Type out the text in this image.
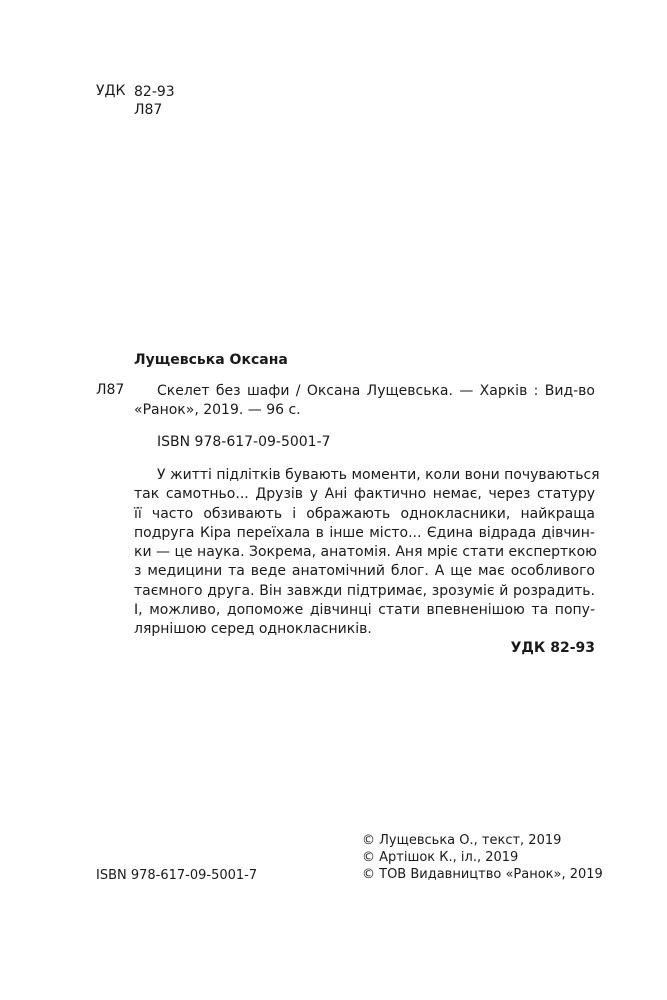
УДК 82-93
Л87
Лущевська Оксана
Л87 Скелет без шафи / Оксана Лущевська. — Харків : Вид-во
«Ранок», 2019. — 96 с.
ISBN 978-617-09-5001-7
У житті підлітків бувають моменти, коли вони почуваються
так самотньо... Друзів у Ані фактично немає, через статуру
її часто обзивають і ображають однокласники, найкраща
подруга Кіра переїхала в інше місто... Єдина відрада дівчин-
ки — це наука. Зокрема, анатомія. Аня мріє стати експерткою
з медицини та веде анатомічний блог. А ще має особливого
таємного друга. Він завжди підтримає, зрозуміє й розрадить.
І, можливо, допоможе дівчинці стати впевненішою та попу-
лярнішою серед однокласників.
УДК 82-93
ISBN 978-617-09-5001-7
© Лущевська О., текст, 2019
© Артішок К., іл., 2019
© ТОВ Видавництво «Ранок», 2019
